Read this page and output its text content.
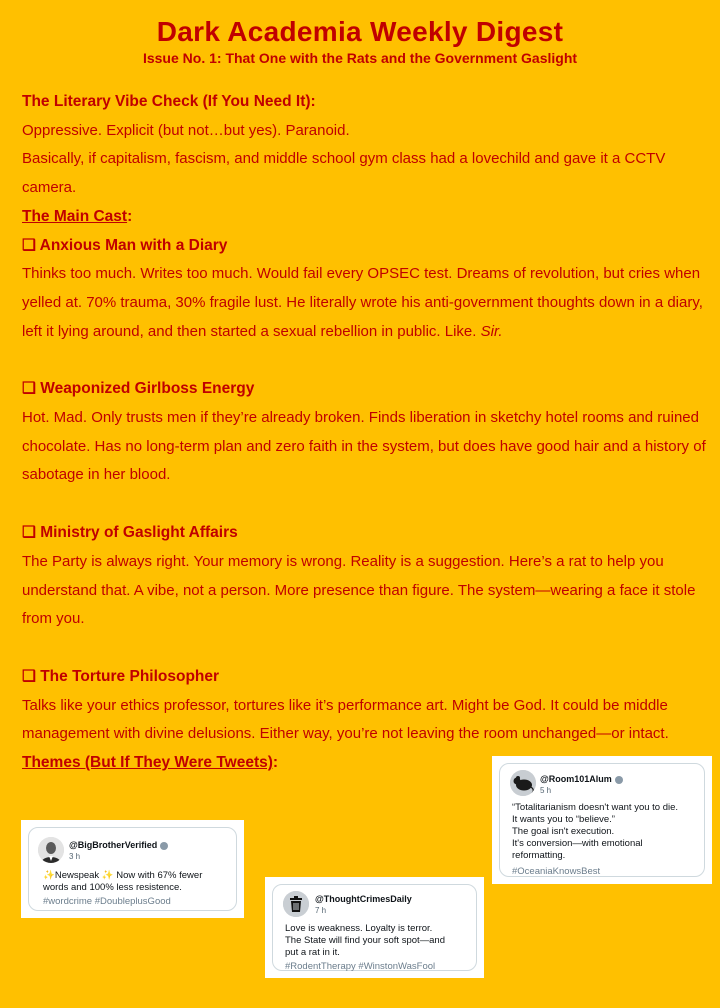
Dark Academia Weekly Digest
Issue No. 1: That One with the Rats and the Government Gaslight

The Literary Vibe Check (If You Need It):

Oppressive. Explicit (but not…but yes). Paranoid.

Basically, if capitalism, fascism, and middle school gym class had a lovechild and gave it a CCTV camera.

The Main Cast:

❑ Anxious Man with a Diary

Thinks too much. Writes too much. Would fail every OPSEC test. Dreams of revolution, but cries when yelled at. 70% trauma, 30% fragile lust. He literally wrote his anti-government thoughts down in a diary, left it lying around, and then started a sexual rebellion in public. Like. Sir.

❑ Weaponized Girlboss Energy

Hot. Mad. Only trusts men if they’re already broken. Finds liberation in sketchy hotel rooms and ruined chocolate. Has no long-term plan and zero faith in the system, but does have good hair and a history of sabotage in her blood.

❑ Ministry of Gaslight Affairs

The Party is always right. Your memory is wrong. Reality is a suggestion. Here’s a rat to help you understand that. A vibe, not a person. More presence than figure. The system—wearing a face it stole from you.

❑ The Torture Philosopher

Talks like your ethics professor, tortures like it’s performance art. Might be God. It could be middle management with divine delusions. Either way, you’re not leaving the room unchanged—or intact.

Themes (But If They Were Tweets):

@BigBrotherVerified
3 h
✨Newspeak ✨ Now with 67% fewer
words and 100% less resistence.
#wordcrime #DoubleplusGood	@ThoughtCrimesDaily
7 h
Love is weakness. Loyalty is terror.
The State will find your soft spot—and
put a rat in it.
#RodentTherapy #WinstonWasFool
@Room101Alum
5 h
“Totalitarianism doesn't want you to die.
It wants you to “believe.”
The goal isn't execution.
It's conversion—with emotional
reformatting.
#OceaniaKnowsBest
